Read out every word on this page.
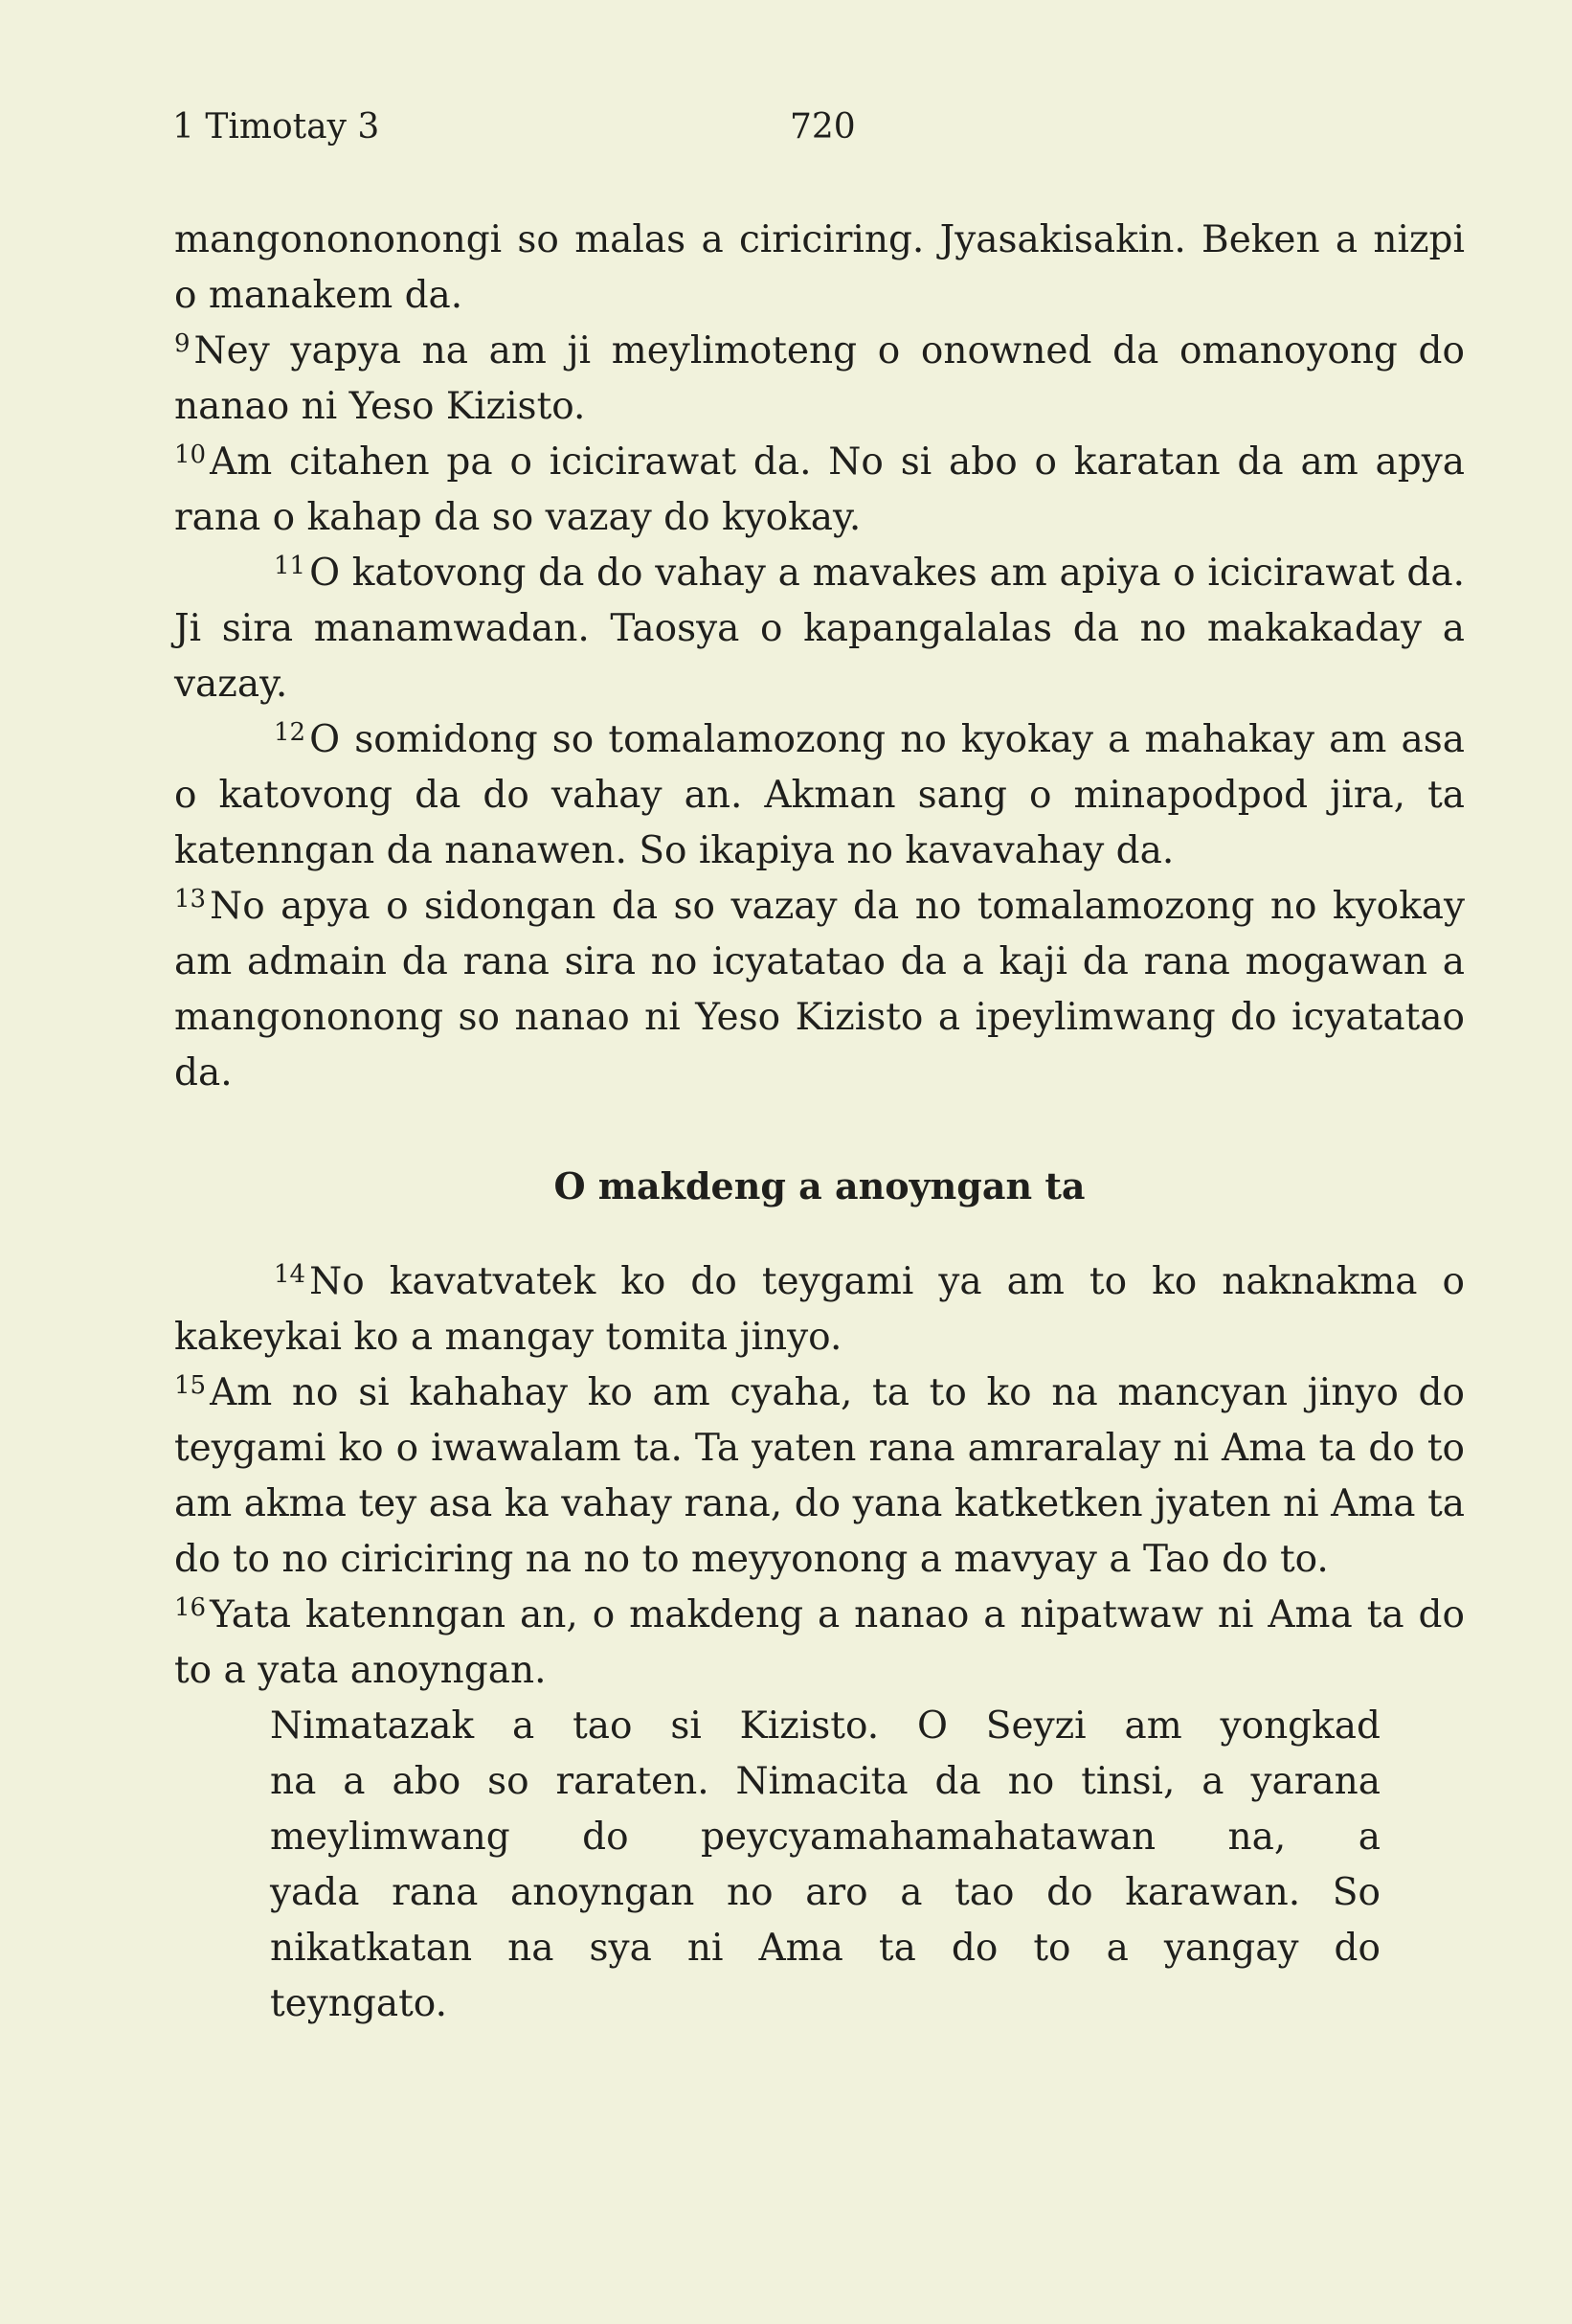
1 Timotay 3	720

mangonononongi so malas a ciriciring. Jyasakisakin. Beken a nizpi o manakem da.

$^9$ Ney yapya na am ji meylimoteng o onowned da omanoyong do nanao ni Yeso Kizisto.

$^{10}$ Am citahen pa o icicirawat da. No si abo o karatan da am apya rana o kahap da so vazay do kyokay.

$^{11}$ O katovong da do vahay a mavakes am apiya o icicirawat da. Ji sira manamwadan. Taosya o kapangalalas da no makakaday a vazay.

$^{12}$ O somidong so tomalamozong no kyokay a mahakay am asa o katovong da do vahay an. Akman sang o minapodpod jira, ta katenngan da nanawen. So ikapiya no kavavahay da.

$^{13}$ No apya o sidongan da so vazay da no tomalamozong no kyokay am admain da rana sira no icyatatao da a kaji da rana mogawan a mangononong so nanao ni Yeso Kizisto a ipeylimwang do icyatatao da.

O makdeng a anoyngan ta

$^{14}$ No kavatvatek ko do teygami ya am to ko naknakma o kakeykai ko a mangay tomita jinyo.

$^{15}$ Am no si kahahay ko am cyaha, ta to ko na mancyan jinyo do teygami ko o iwawalam ta. Ta yaten rana amraralay ni Ama ta do to am akma tey asa ka vahay rana, do yana katketken jyaten ni Ama ta do to no ciriciring na no to meyyonong a mavyay a Tao do to.

$^{16}$ Yata katenngan an, o makdeng a nanao a nipatwaw ni Ama ta do to a yata anoyngan.

Nimatazak a tao si Kizisto. O Seyzi am yongkad
na a abo so raraten. Nimacita da no tinsi, a yarana
meylimwang do peycyamahamahatawan na, a
yada rana anoyngan no aro a tao do karawan. So
nikatkatan na sya ni Ama ta do to a yangay do
teyngato.
